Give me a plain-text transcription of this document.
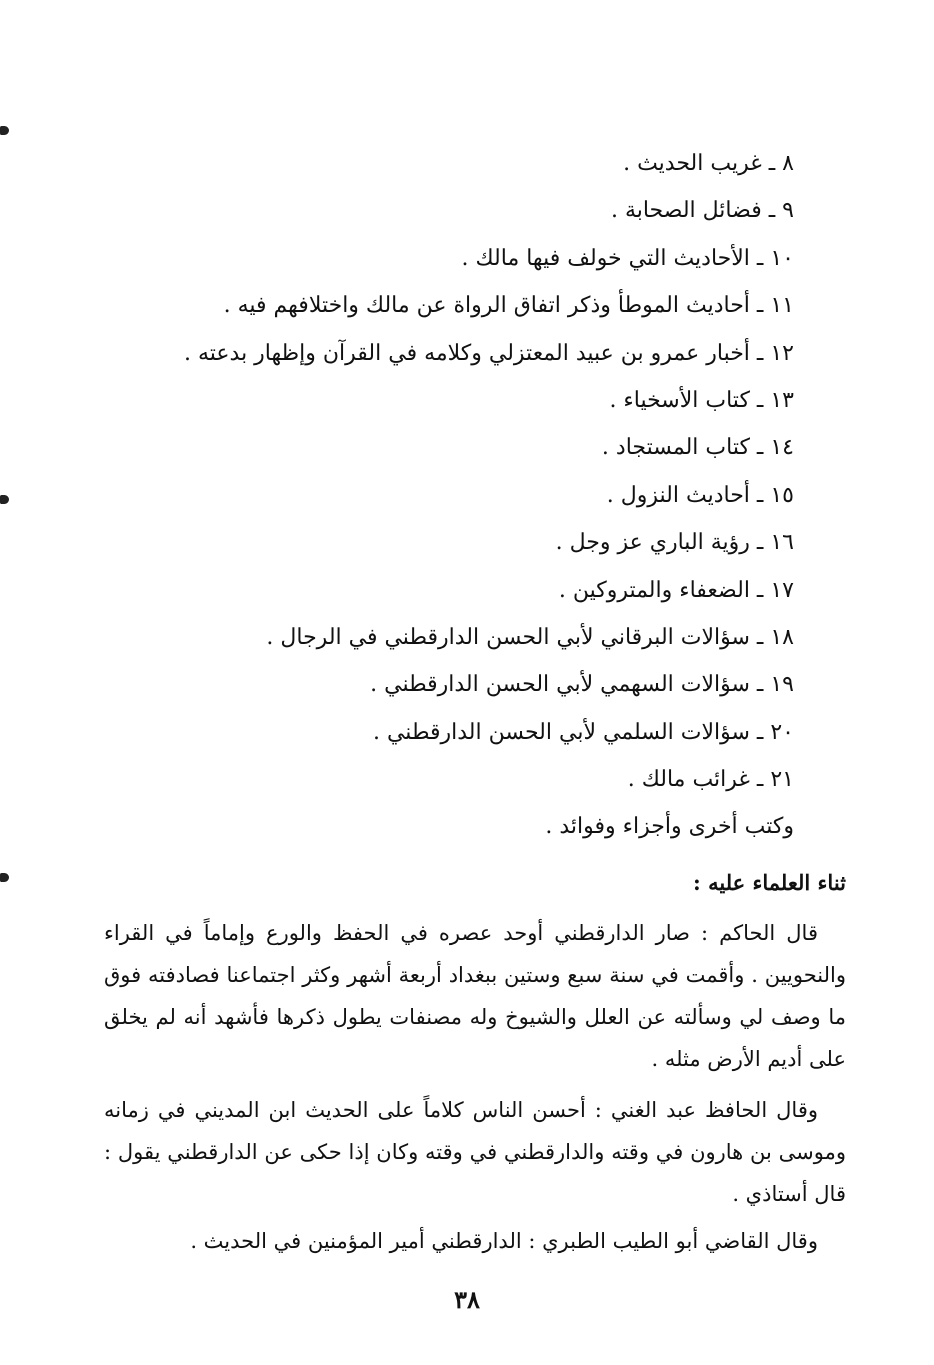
٨ ـ غريب الحديث .
٩ ـ فضائل الصحابة .
١٠ ـ الأحاديث التي خولف فيها مالك .
١١ ـ أحاديث الموطأ وذكر اتفاق الرواة عن مالك واختلافهم فيه .
١٢ ـ أخبار عمرو بن عبيد المعتزلي وكلامه في القرآن وإظهار بدعته .
١٣ ـ كتاب الأسخياء .
١٤ ـ كتاب المستجاد .
١٥ ـ أحاديث النزول .
١٦ ـ رؤية الباري عز وجل .
١٧ ـ الضعفاء والمتروكين .
١٨ ـ سؤالات البرقاني لأبي الحسن الدارقطني في الرجال .
١٩ ـ سؤالات السهمي لأبي الحسن الدارقطني .
٢٠ ـ سؤالات السلمي لأبي الحسن الدارقطني .
٢١ ـ غرائب مالك .
وكتب أخرى وأجزاء وفوائد .
ثناء العلماء عليه :

قال الحاكم : صار الدارقطني أوحد عصره في الحفظ والورع وإماماً في القراء والنحويين . وأقمت في سنة سبع وستين ببغداد أربعة أشهر وكثر اجتماعنا فصادفته فوق ما وصف لي وسألته عن العلل والشيوخ وله مصنفات يطول ذكرها فأشهد أنه لم يخلق على أديم الأرض مثله .

وقال الحافظ عبد الغني : أحسن الناس كلاماً على الحديث ابن المديني في زمانه وموسى بن هارون في وقته والدارقطني في وقته وكان إذا حكى عن الدارقطني يقول : قال أستاذي .

وقال القاضي أبو الطيب الطبري : الدارقطني أمير المؤمنين في الحديث .

٣٨
